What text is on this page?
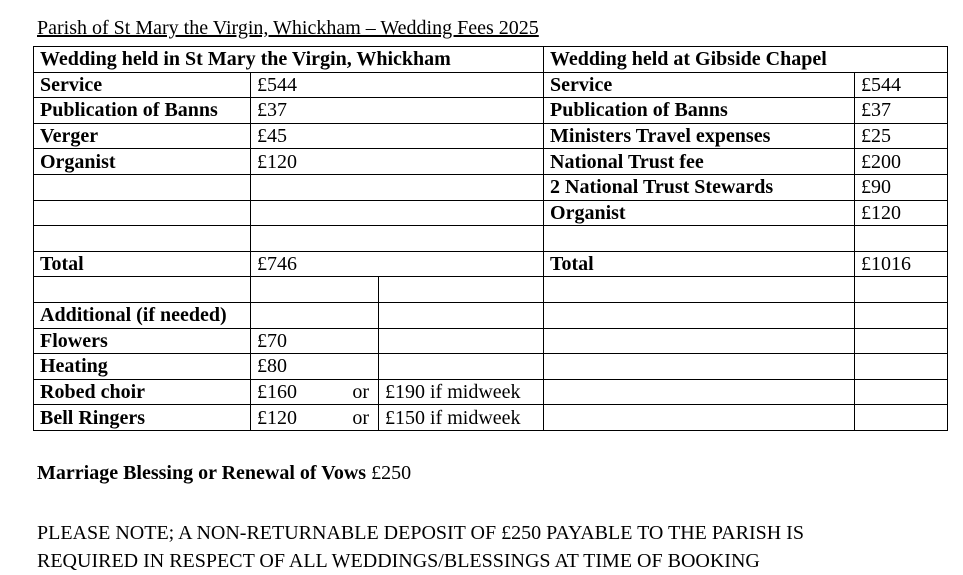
Parish of St Mary the Virgin, Whickham – Wedding Fees 2025
Wedding held in St Mary the Virgin, Whickham			Wedding held at Gibside Chapel	
Service	£544		Service	£544
Publication of Banns	£37		Publication of Banns	£37
Verger	£45		Ministers Travel expenses	£25
Organist	£120		National Trust fee	£200
			2 National Trust Stewards	£90
			Organist	£120

Total	£746		Total	£1016

Additional (if needed)				
Flowers	£70			
Heating	£80			
Robed choir	£160 or	£190 if midweek		
Bell Ringers	£120 or	£150 if midweek		
Marriage Blessing or Renewal of Vows £250
PLEASE NOTE; A NON-RETURNABLE DEPOSIT OF £250 PAYABLE TO THE PARISH IS
REQUIRED IN RESPECT OF ALL WEDDINGS/BLESSINGS AT TIME OF BOOKING
